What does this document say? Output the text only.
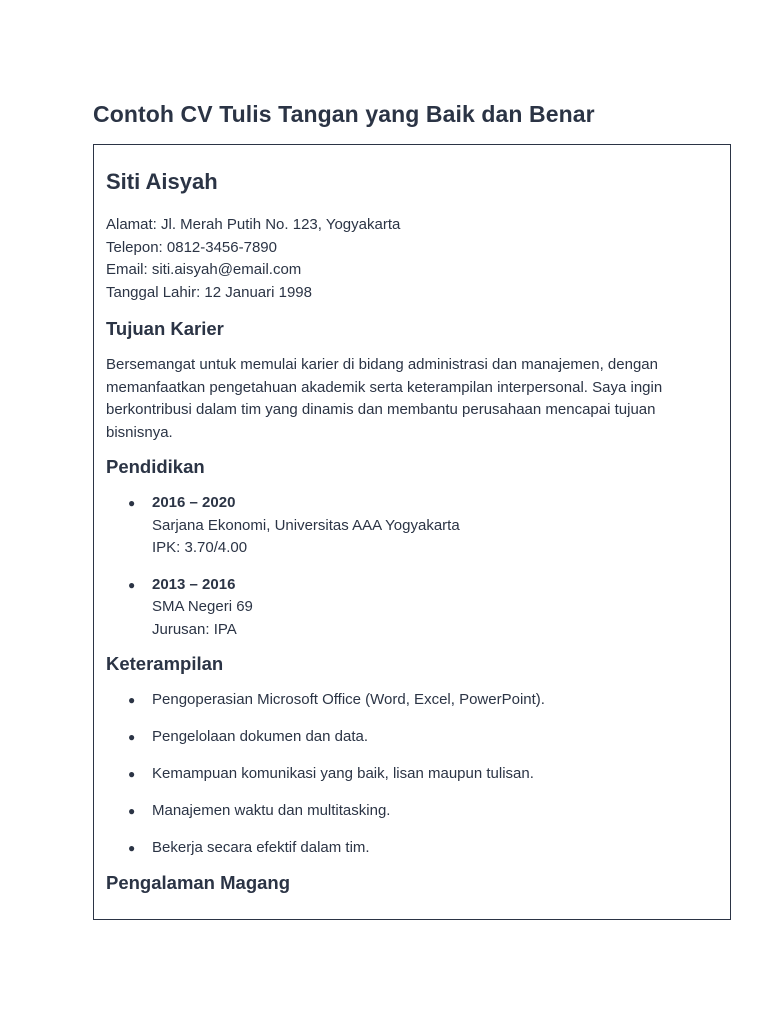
Contoh CV Tulis Tangan yang Baik dan Benar
Siti Aisyah
Alamat: Jl. Merah Putih No. 123, Yogyakarta
Telepon: 0812-3456-7890
Email: siti.aisyah@email.com
Tanggal Lahir: 12 Januari 1998
Tujuan Karier

Bersemangat untuk memulai karier di bidang administrasi dan manajemen, dengan memanfaatkan pengetahuan akademik serta keterampilan interpersonal. Saya ingin berkontribusi dalam tim yang dinamis dan membantu perusahaan mencapai tujuan bisnisnya.

Pendidikan
● 2016 – 2020
Sarjana Ekonomi, Universitas AAA Yogyakarta
IPK: 3.70/4.00
● 2013 – 2016
SMA Negeri 69
Jurusan: IPA
Keterampilan
● Pengoperasian Microsoft Office (Word, Excel, PowerPoint).
● Pengelolaan dokumen dan data.
● Kemampuan komunikasi yang baik, lisan maupun tulisan.
● Manajemen waktu dan multitasking.
● Bekerja secara efektif dalam tim.
Pengalaman Magang
